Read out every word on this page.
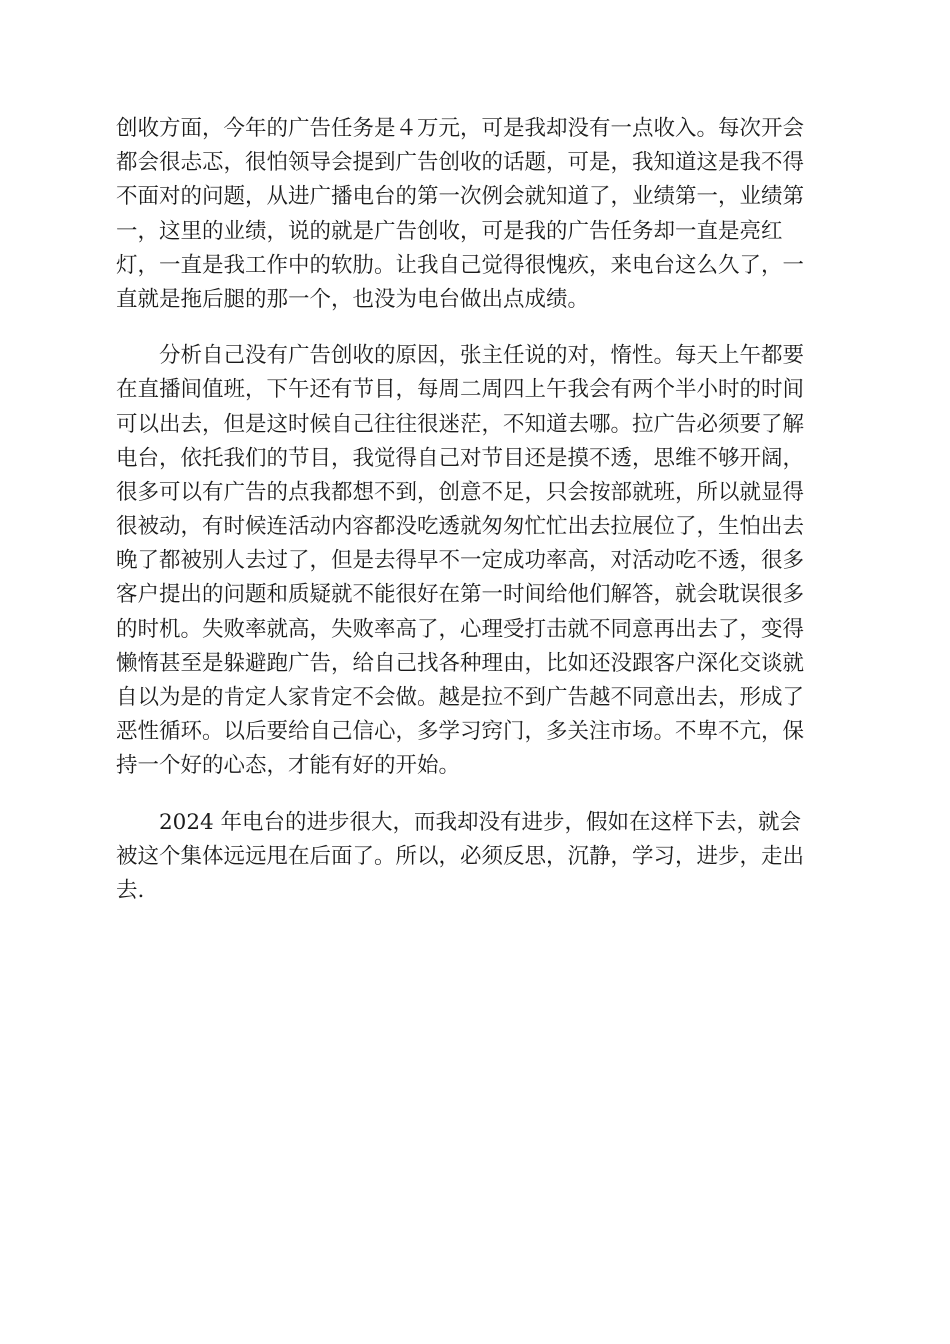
创收方面，今年的广告任务是４万元，可是我却没有一点收入。每次开会
都会很忐忑，很怕领导会提到广告创收的话题，可是，我知道这是我不得
不面对的问题，从进广播电台的第一次例会就知道了，业绩第一，业绩第
一，这里的业绩，说的就是广告创收，可是我的广告任务却一直是亮红
灯，一直是我工作中的软肋。让我自己觉得很愧疚，来电台这么久了，一
直就是拖后腿的那一个，也没为电台做出点成绩。
　　分析自己没有广告创收的原因，张主任说的对，惰性。每天上午都要
在直播间值班，下午还有节目，每周二周四上午我会有两个半小时的时间
可以出去，但是这时候自己往往很迷茫，不知道去哪。拉广告必须要了解
电台，依托我们的节目，我觉得自己对节目还是摸不透，思维不够开阔，
很多可以有广告的点我都想不到，创意不足，只会按部就班，所以就显得
很被动，有时候连活动内容都没吃透就匆匆忙忙出去拉展位了，生怕出去
晚了都被别人去过了，但是去得早不一定成功率高，对活动吃不透，很多
客户提出的问题和质疑就不能很好在第一时间给他们解答，就会耽误很多
的时机。失败率就高，失败率高了，心理受打击就不同意再出去了，变得
懒惰甚至是躲避跑广告，给自己找各种理由，比如还没跟客户深化交谈就
自以为是的肯定人家肯定不会做。越是拉不到广告越不同意出去，形成了
恶性循环。以后要给自己信心，多学习窍门，多关注市场。不卑不亢，保
持一个好的心态，才能有好的开始。
　　2024 年电台的进步很大，而我却没有进步，假如在这样下去，就会
被这个集体远远甩在后面了。所以，必须反思，沉静，学习，进步，走出
去.
